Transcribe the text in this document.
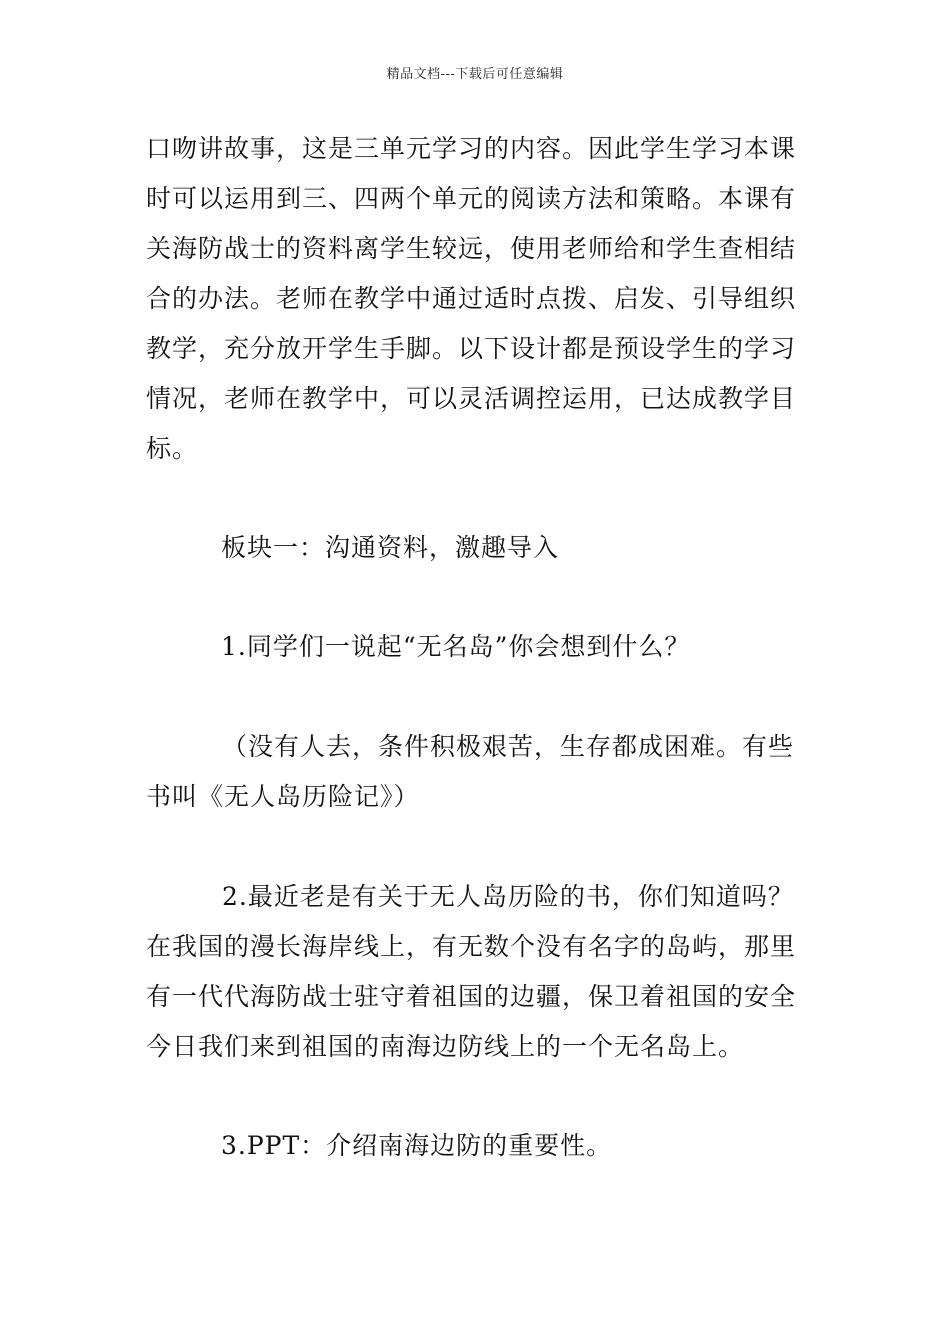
精品文档---下载后可任意编辑
口吻讲故事，这是三单元学习的内容。因此学生学习本课
时可以运用到三、四两个单元的阅读方法和策略。本课有
关海防战士的资料离学生较远，使用老师给和学生查相结
合的办法。老师在教学中通过适时点拨、启发、引导组织
教学，充分放开学生手脚。以下设计都是预设学生的学习
情况，老师在教学中，可以灵活调控运用，已达成教学目
标。
板块一：沟通资料，激趣导入
1.同学们一说起“无名岛”你会想到什么？
（没有人去，条件积极艰苦，生存都成困难。有些
书叫《无人岛历险记》）
2.最近老是有关于无人岛历险的书，你们知道吗？
在我国的漫长海岸线上，有无数个没有名字的岛屿，那里
有一代代海防战士驻守着祖国的边疆，保卫着祖国的安全
今日我们来到祖国的南海边防线上的一个无名岛上。
3.PPT：介绍南海边防的重要性。
